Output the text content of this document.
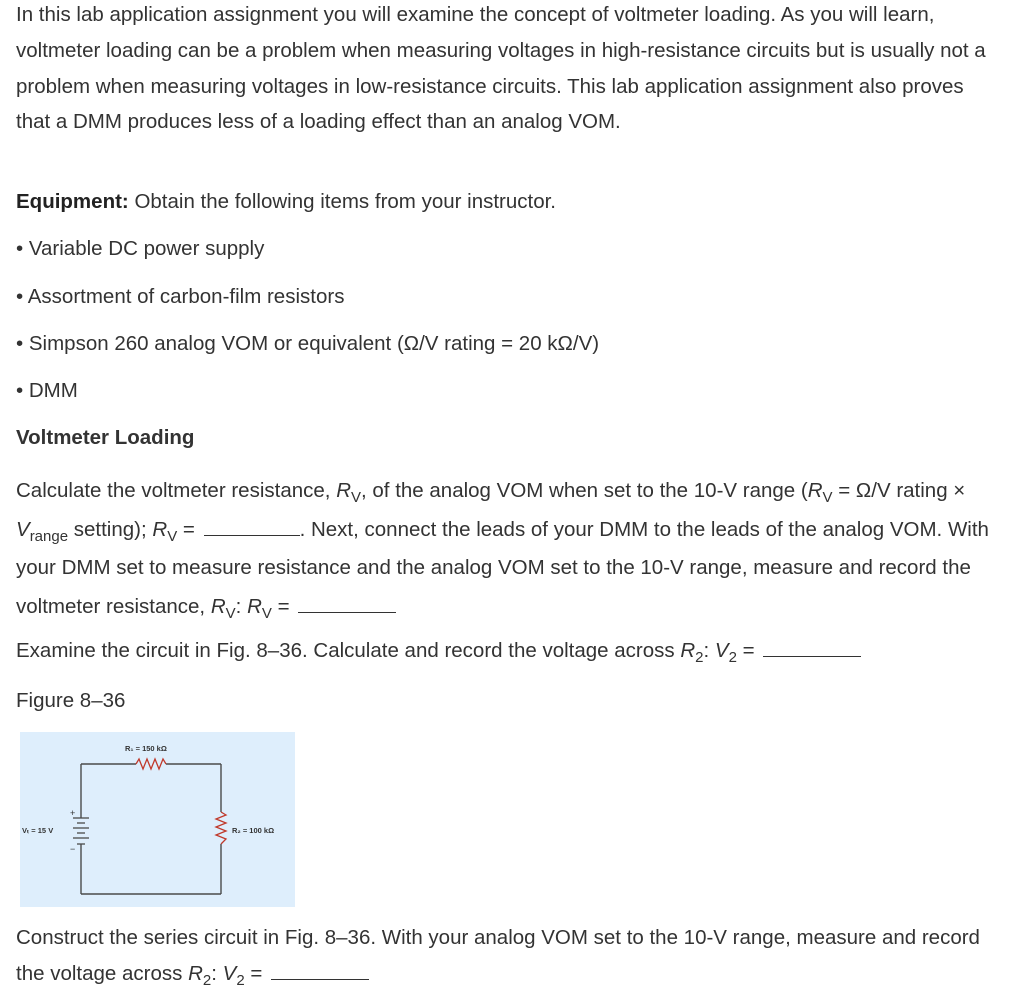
In this lab application assignment you will examine the concept of voltmeter loading. As you will learn, voltmeter loading can be a problem when measuring voltages in high-resistance circuits but is usually not a problem when measuring voltages in low-resistance circuits. This lab application assignment also proves that a DMM produces less of a loading effect than an analog VOM.

Equipment: Obtain the following items from your instructor.

• Variable DC power supply

• Assortment of carbon-film resistors

• Simpson 260 analog VOM or equivalent (Ω/V rating = 20 kΩ/V)

• DMM

Voltmeter Loading

Calculate the voltmeter resistance, $R_V$, of the analog VOM when set to the 10-V range ($R_V = \Omega/V$ rating × $V_{range}$ setting); $R_V$ =	. Next, connect the leads of your DMM to the leads of the analog VOM. With your DMM set to measure resistance and the analog VOM set to the 10-V range, measure and record the voltmeter resistance, $R_V$: $R_V$ =

Examine the circuit in Fig. 8–36. Calculate and record the voltage across $R_2$: $V_2$ =

Figure 8–36

+
−
R₁ = 150 kΩ
R₂ = 100 kΩ
Vₜ = 15 V

Construct the series circuit in Fig. 8–36. With your analog VOM set to the 10-V range, measure and record the voltage across $R_2$: $V_2$ =
